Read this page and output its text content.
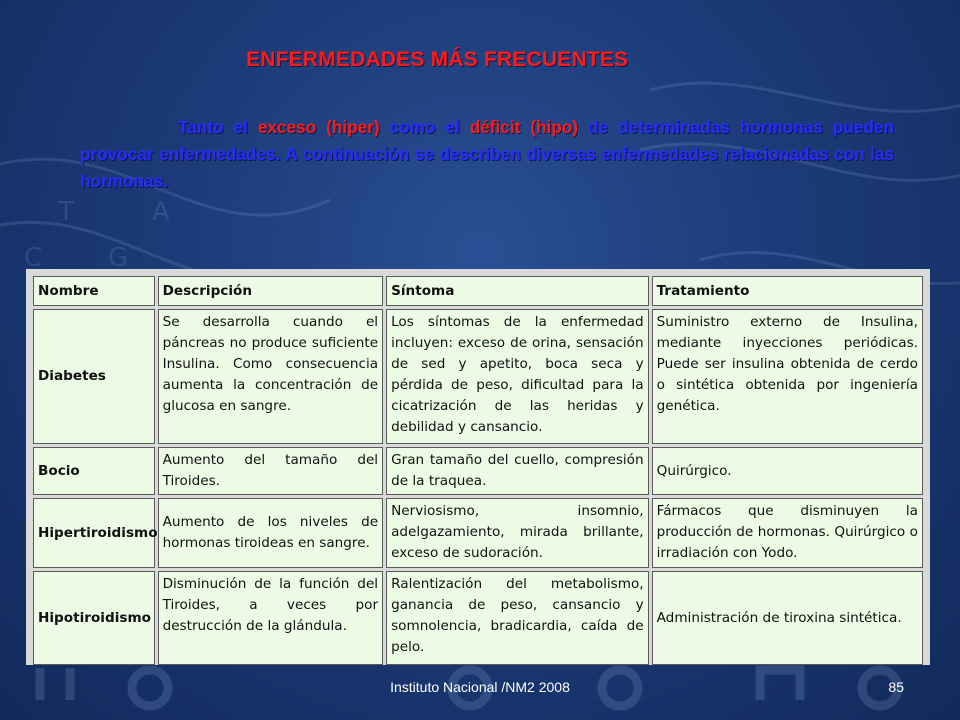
T	A
C	G
ENFERMEDADES MÁS FRECUENTES

Tanto el exceso (hiper) como el déficit (hipo) de determinadas hormonas pueden provocar enfermedades. A continuación se describen diversas enfermedades relacionadas con las hormonas.

Nombre	Descripción	Síntoma	Tratamiento
Diabetes	Se desarrolla cuando el páncreas no produce suficiente Insulina. Como consecuencia aumenta la concentración de glucosa en sangre.	Los síntomas de la enfermedad incluyen: exceso de orina, sensación de sed y apetito, boca seca y pérdida de peso, dificultad para la cicatrización de las heridas y debilidad y cansancio.	Suministro externo de Insulina, mediante inyecciones periódicas. Puede ser insulina obtenida de cerdo o sintética obtenida por ingeniería genética.
Bocio	Aumento del tamaño del Tiroides.	Gran tamaño del cuello, compresión de la traquea.	Quirúrgico.
Hipertiroidismo	Aumento de los niveles de hormonas tiroideas en sangre.	Nerviosismo, insomnio, adelgazamiento, mirada brillante, exceso de sudoración.	Fármacos que disminuyen la producción de hormonas. Quirúrgico o irradiación con Yodo.
Hipotiroidismo	Disminución de la función del Tiroides, a veces por destrucción de la glándula.	Ralentización del metabolismo, ganancia de peso, cansancio y somnolencia, bradicardia, caída de pelo.	Administración de tiroxina sintética.
Instituto Nacional /NM2 2008	85
